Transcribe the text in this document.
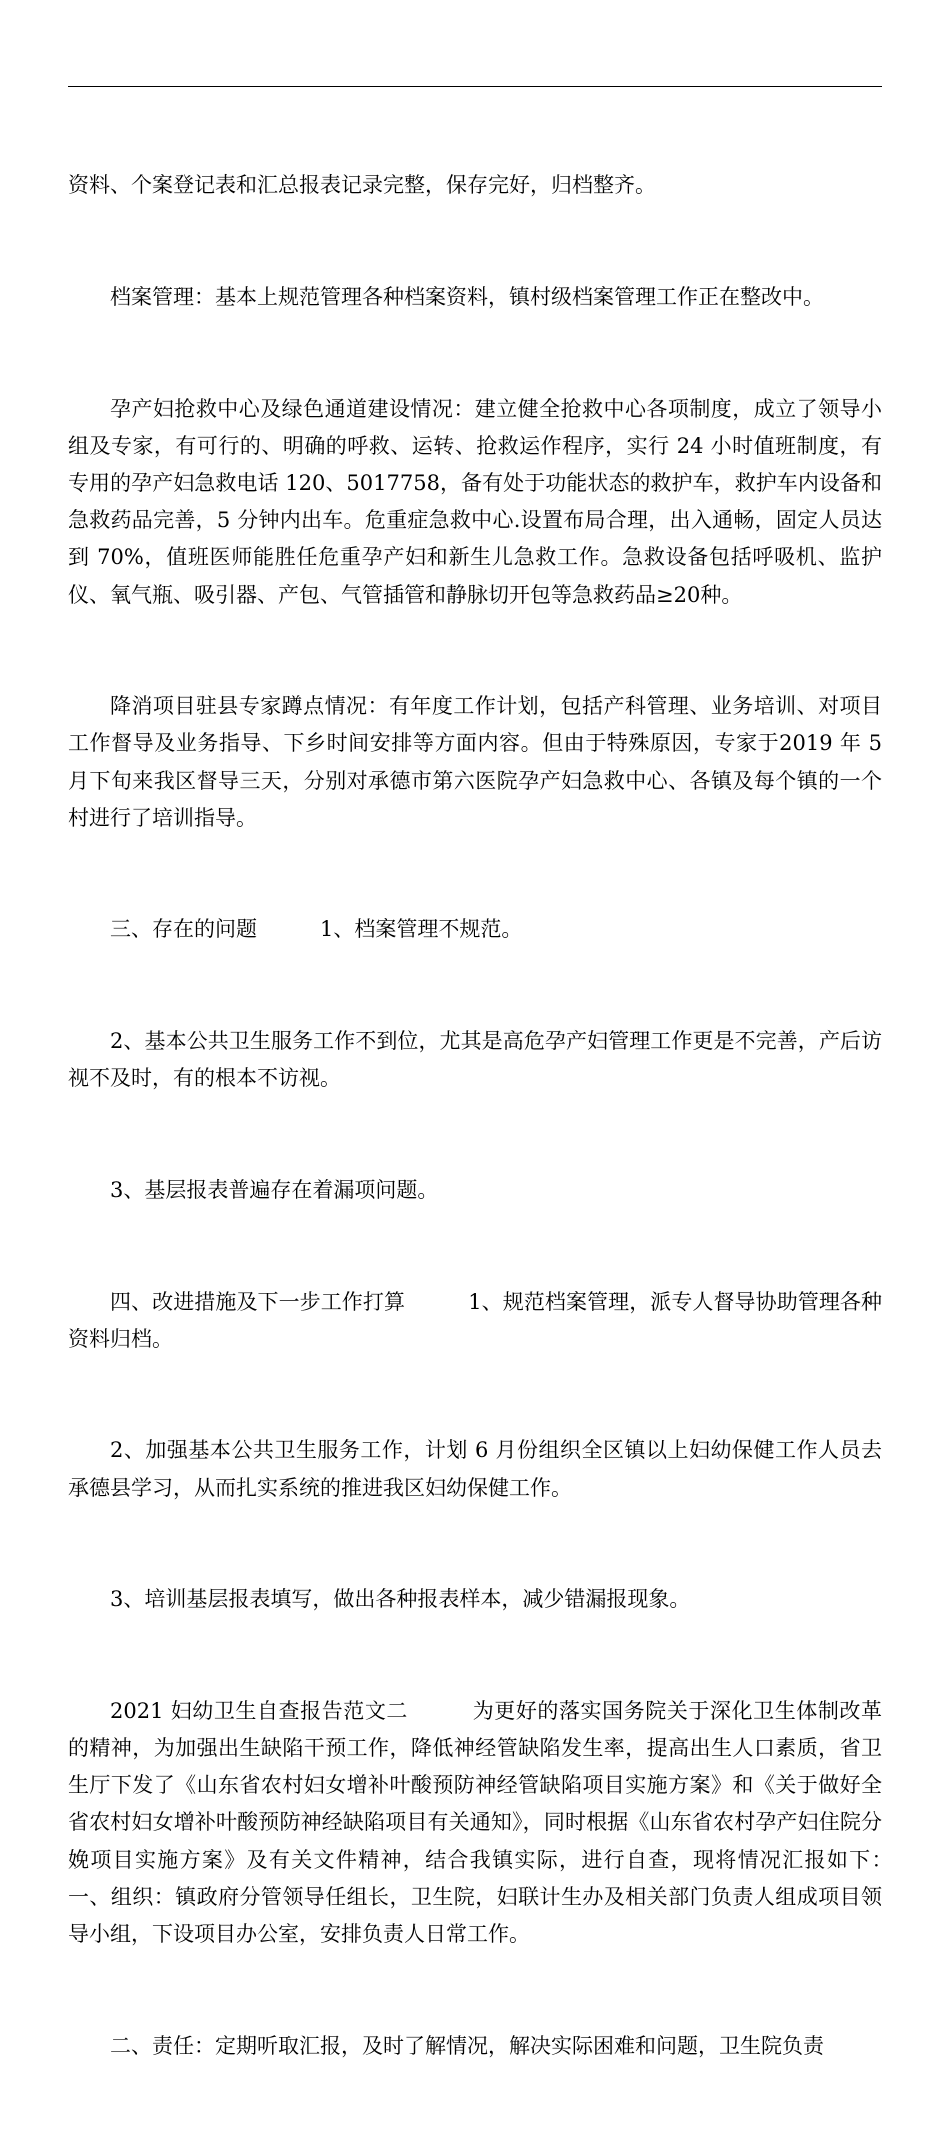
资料、个案登记表和汇总报表记录完整，保存完好，归档整齐。

档案管理：基本上规范管理各种档案资料，镇村级档案管理工作正在整改中。

孕产妇抢救中心及绿色通道建设情况：建立健全抢救中心各项制度，成立了领导小组及专家，有可行的、明确的呼救、运转、抢救运作程序，实行 24 小时值班制度，有专用的孕产妇急救电话 120、5017758，备有处于功能状态的救护车，救护车内设备和急救药品完善，5 分钟内出车。危重症急救中心.设置布局合理，出入通畅，固定人员达到 70%，值班医师能胜任危重孕产妇和新生儿急救工作。急救设备包括呼吸机、监护仪、氧气瓶、吸引器、产包、气管插管和静脉切开包等急救药品≥20种。

降消项目驻县专家蹲点情况：有年度工作计划，包括产科管理、业务培训、对项目工作督导及业务指导、下乡时间安排等方面内容。但由于特殊原因，专家于2019 年 5 月下旬来我区督导三天，分别对承德市第六医院孕产妇急救中心、各镇及每个镇的一个村进行了培训指导。

三、存在的问题　　　1、档案管理不规范。

2、基本公共卫生服务工作不到位，尤其是高危孕产妇管理工作更是不完善，产后访视不及时，有的根本不访视。

3、基层报表普遍存在着漏项问题。

四、改进措施及下一步工作打算　　　1、规范档案管理，派专人督导协助管理各种资料归档。

2、加强基本公共卫生服务工作，计划 6 月份组织全区镇以上妇幼保健工作人员去承德县学习，从而扎实系统的推进我区妇幼保健工作。

3、培训基层报表填写，做出各种报表样本，减少错漏报现象。

2021 妇幼卫生自查报告范文二　　　为更好的落实国务院关于深化卫生体制改革的精神，为加强出生缺陷干预工作，降低神经管缺陷发生率，提高出生人口素质，省卫生厅下发了《山东省农村妇女增补叶酸预防神经管缺陷项目实施方案》和《关于做好全省农村妇女增补叶酸预防神经缺陷项目有关通知》，同时根据《山东省农村孕产妇住院分娩项目实施方案》及有关文件精神，结合我镇实际，进行自查，现将情况汇报如下：　　　一、组织：镇政府分管领导任组长，卫生院，妇联计生办及相关部门负责人组成项目领导小组，下设项目办公室，安排负责人日常工作。

二、责任：定期听取汇报，及时了解情况，解决实际困难和问题，卫生院负责
